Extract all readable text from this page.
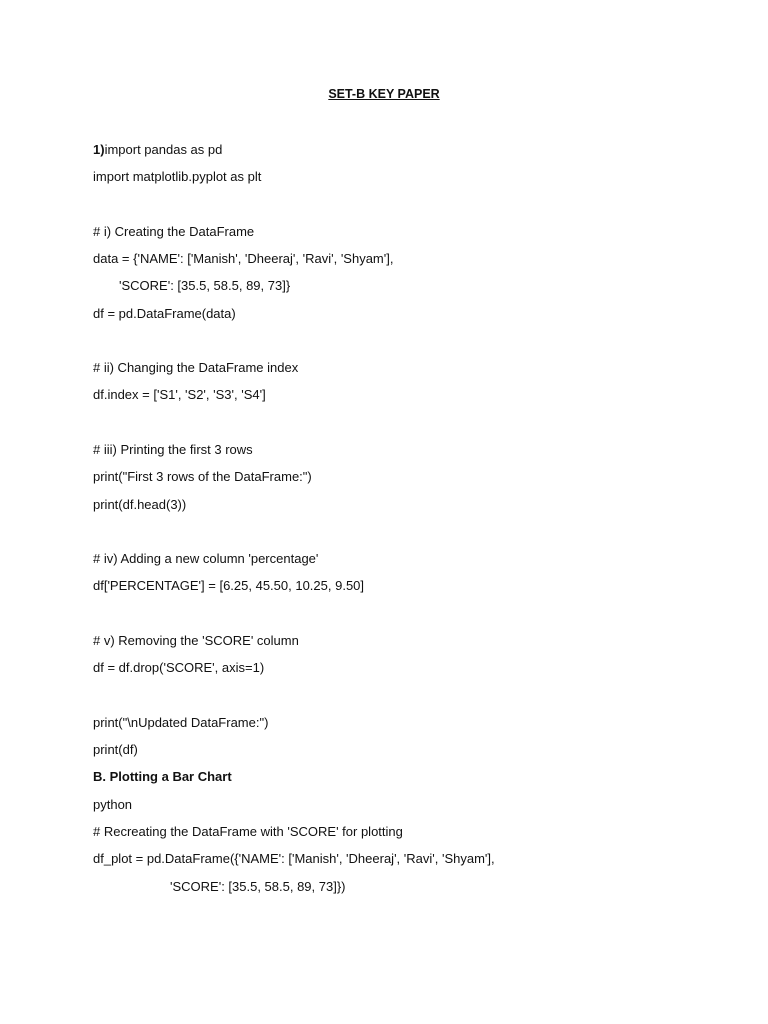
SET-B KEY PAPER
1)import pandas as pd
import matplotlib.pyplot as plt
# i) Creating the DataFrame
data = {'NAME': ['Manish', 'Dheeraj', 'Ravi', 'Shyam'],
'SCORE': [35.5, 58.5, 89, 73]}
df = pd.DataFrame(data)
# ii) Changing the DataFrame index
df.index = ['S1', 'S2', 'S3', 'S4']
# iii) Printing the first 3 rows
print("First 3 rows of the DataFrame:")
print(df.head(3))
# iv) Adding a new column 'percentage'
df['PERCENTAGE'] = [6.25, 45.50, 10.25, 9.50]
# v) Removing the 'SCORE' column
df = df.drop('SCORE', axis=1)
print("\nUpdated DataFrame:")
print(df)
B. Plotting a Bar Chart
python
# Recreating the DataFrame with 'SCORE' for plotting
df_plot = pd.DataFrame({'NAME': ['Manish', 'Dheeraj', 'Ravi', 'Shyam'],
'SCORE': [35.5, 58.5, 89, 73]})
